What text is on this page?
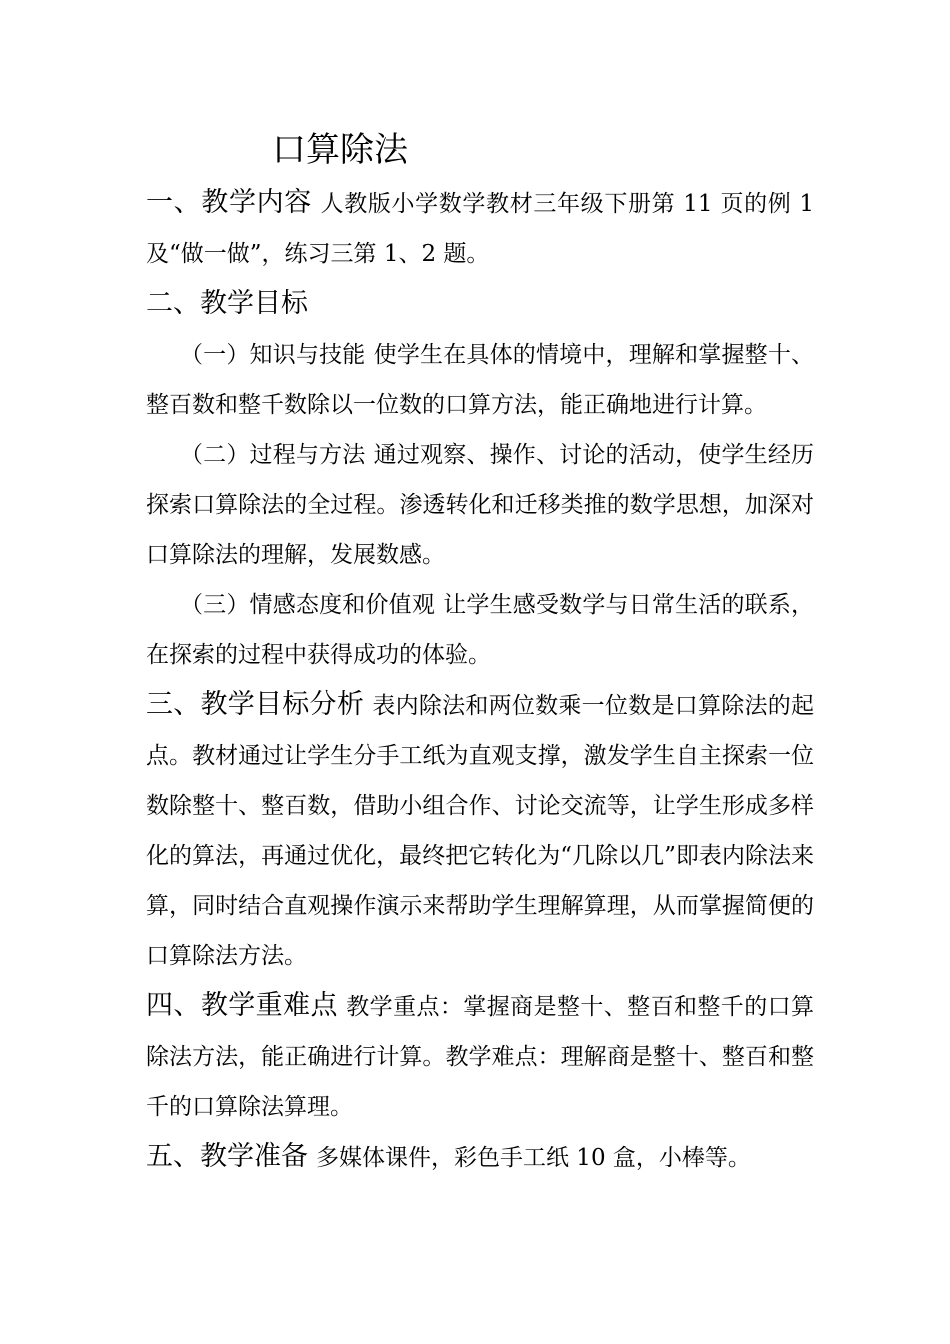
口算除法

一、教学内容 人教版小学数学教材三年级下册第 11 页的例 1 及“做一做”，练习三第 1、2 题。

二、教学目标

（一）知识与技能 使学生在具体的情境中，理解和掌握整十、整百数和整千数除以一位数的口算方法，能正确地进行计算。

（二）过程与方法 通过观察、操作、讨论的活动，使学生经历探索口算除法的全过程。渗透转化和迁移类推的数学思想，加深对口算除法的理解，发展数感。

（三）情感态度和价值观 让学生感受数学与日常生活的联系，在探索的过程中获得成功的体验。

三、教学目标分析 表内除法和两位数乘一位数是口算除法的起点。教材通过让学生分手工纸为直观支撑，激发学生自主探索一位数除整十、整百数，借助小组合作、讨论交流等，让学生形成多样化的算法，再通过优化，最终把它转化为“几除以几”即表内除法来算，同时结合直观操作演示来帮助学生理解算理，从而掌握简便的口算除法方法。

四、教学重难点 教学重点：掌握商是整十、整百和整千的口算除法方法，能正确进行计算。教学难点：理解商是整十、整百和整千的口算除法算理。

五、教学准备 多媒体课件，彩色手工纸 10 盒，小棒等。
